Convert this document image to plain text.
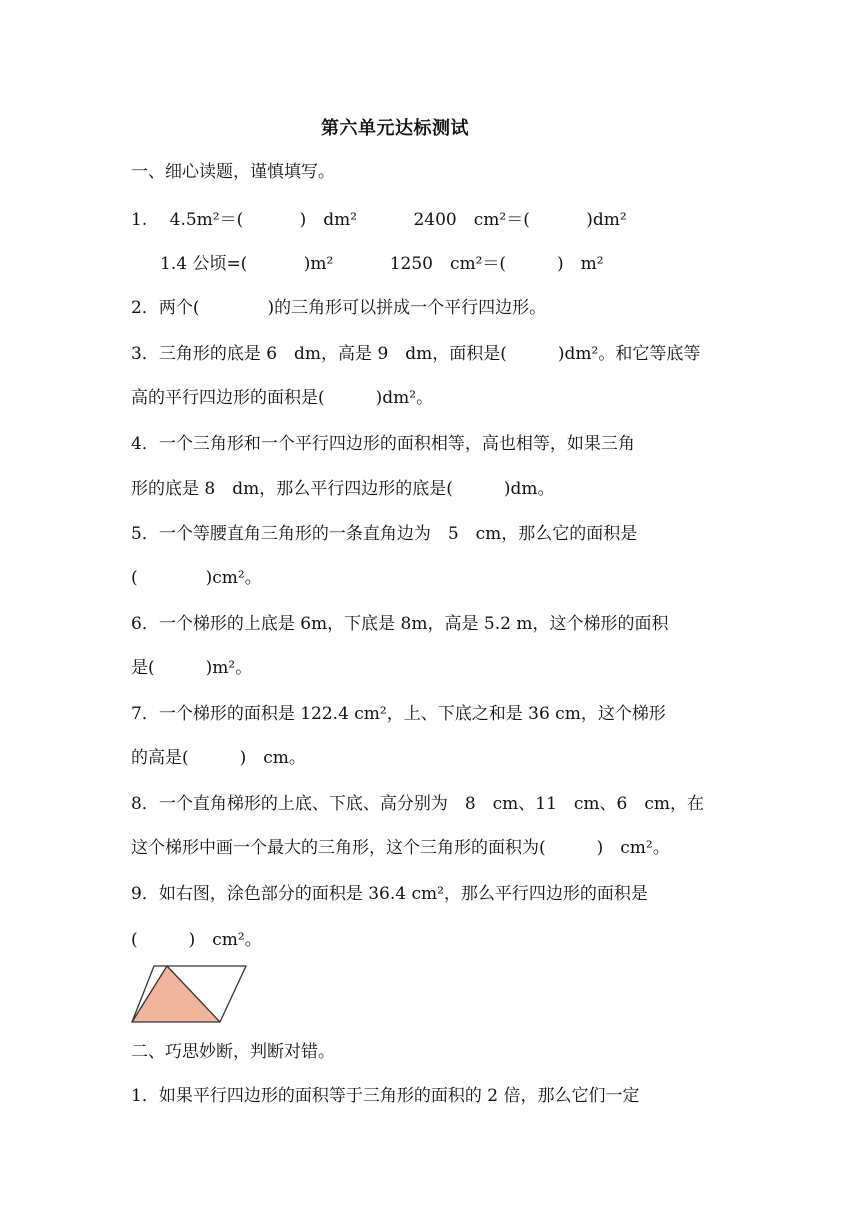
第六单元达标测试
一、细心读题，谨慎填写。
1.　 4.5m²＝(　　　 )　dm²　　　 2400　cm²＝(　　　 )dm²
1.4 公顷=(　　　 )m²　　　 1250　cm²＝(　　　)　m²
2．两个(　　　　)的三角形可以拼成一个平行四边形。
3．三角形的底是 6　dm，高是 9　dm，面积是(　　　)dm²。和它等底等
高的平行四边形的面积是(　　　)dm²。
4．一个三角形和一个平行四边形的面积相等，高也相等，如果三角
形的底是 8　dm，那么平行四边形的底是(　　　)dm。
5．一个等腰直角三角形的一条直角边为　5　cm，那么它的面积是
(　　　　)cm²。
6．一个梯形的上底是 6m，下底是 8m，高是 5.2 m，这个梯形的面积
是(　　　)m²。
7．一个梯形的面积是 122.4 cm²，上、下底之和是 36 cm，这个梯形
的高是(　　　)　cm。
8．一个直角梯形的上底、下底、高分别为　8　cm、11　cm、6　cm，在
这个梯形中画一个最大的三角形，这个三角形的面积为(　　　)　cm²。
9．如右图，涂色部分的面积是 36.4 cm²，那么平行四边形的面积是
(　　　)　cm²。
二、巧思妙断，判断对错。
1．如果平行四边形的面积等于三角形的面积的 2 倍，那么它们一定
